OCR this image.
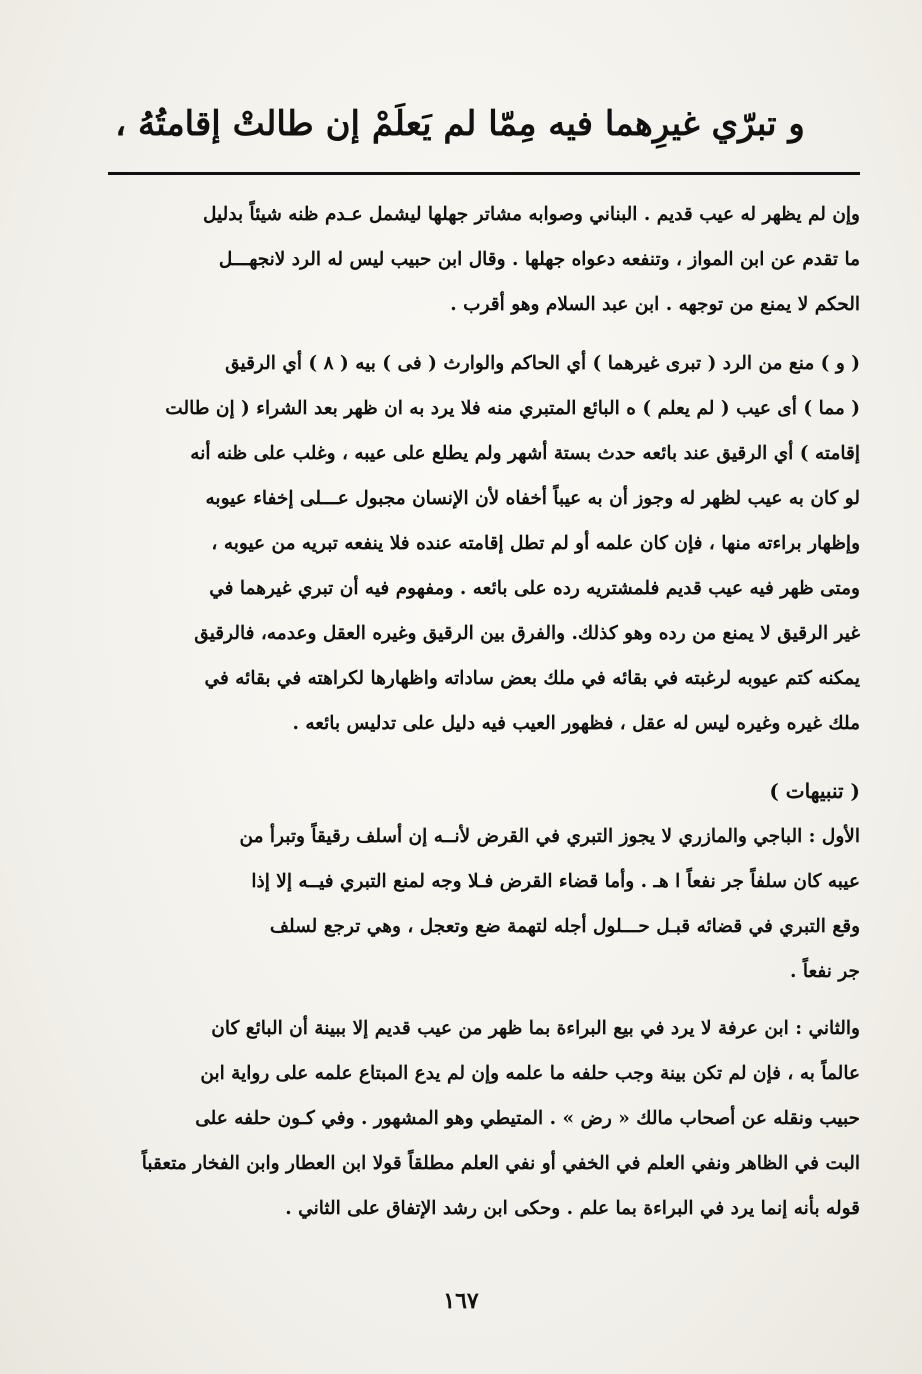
و تبرّي غيرِهما فيه مِمّا لم يَعلَمْ إن طالتْ إقامتُهُ ،
وإن لم يظهر له عيب قديم . البناني وصوابه مشاتر جهلها ليشمل عـدم ظنه شيئاً بدليل
ما تقدم عن ابن المواز ، وتنفعه دعواه جهلها . وقال ابن حبيب ليس له الرد لانجهـــل
الحكم لا يمنع من توجهه . ابن عبد السلام وهو أقرب .
( و ) منع من الرد ( تبرى غيرهما ) أي الحاكم والوارث ( فى ) بيه ( ٨ ) أي الرقيق
( مما ) أى عيب ( لم يعلم ) ه البائع المتبري منه فلا يرد به ان ظهر بعد الشراء ( إن طالت
إقامته ) أي الرقيق عند بائعه حدث بستة أشهر ولم يطلع على عيبه ، وغلب على ظنه أنه
لو كان به عيب لظهر له وجوز أن به عيباً أخفاه لأن الإنسان مجبول عـــلى إخفاء عيوبه
وإظهار براءته منها ، فإن كان علمه أو لم تطل إقامته عنده فلا ينفعه تبريه من عيوبه ،
ومتى ظهر فيه عيب قديم فلمشتريه رده على بائعه . ومفهوم فيه أن تبري غيرهما في
غير الرقيق لا يمنع من رده وهو كذلك. والفرق بين الرقيق وغيره العقل وعدمه، فالرقيق
يمكنه كتم عيوبه لرغبته في بقائه في ملك بعض ساداته واظهارها لكراهته في بقائه في
ملك غيره وغيره ليس له عقل ، فظهور العيب فيه دليل على تدليس بائعه .
( تنبيهات )
الأول : الباجي والمازري لا يجوز التبري في القرض لأنــه إن أسلف رقيقاً وتبرأ من
عيبه كان سلفاً جر نفعاً ا هـ . وأما قضاء القرض فـلا وجه لمنع التبري فيــه إلا إذا
وقع التبري في قضائه قبـل حـــلول أجله لتهمة ضع وتعجل ، وهي ترجع لسلف
جر نفعاً .
والثاني : ابن عرفة لا يرد في بيع البراءة بما ظهر من عيب قديم إلا ببينة أن البائع كان
عالماً به ، فإن لم تكن بينة وجب حلفه ما علمه وإن لم يدع المبتاع علمه على رواية ابن
حبيب ونقله عن أصحاب مالك « رض » . المتيطي وهو المشهور . وفي كـون حلفه على
البت في الظاهر ونفي العلم في الخفي أو نفي العلم مطلقاً قولا ابن العطار وابن الفخار متعقباً
قوله بأنه إنما يرد في البراءة بما علم . وحكى ابن رشد الإتفاق على الثاني .
١٦٧
